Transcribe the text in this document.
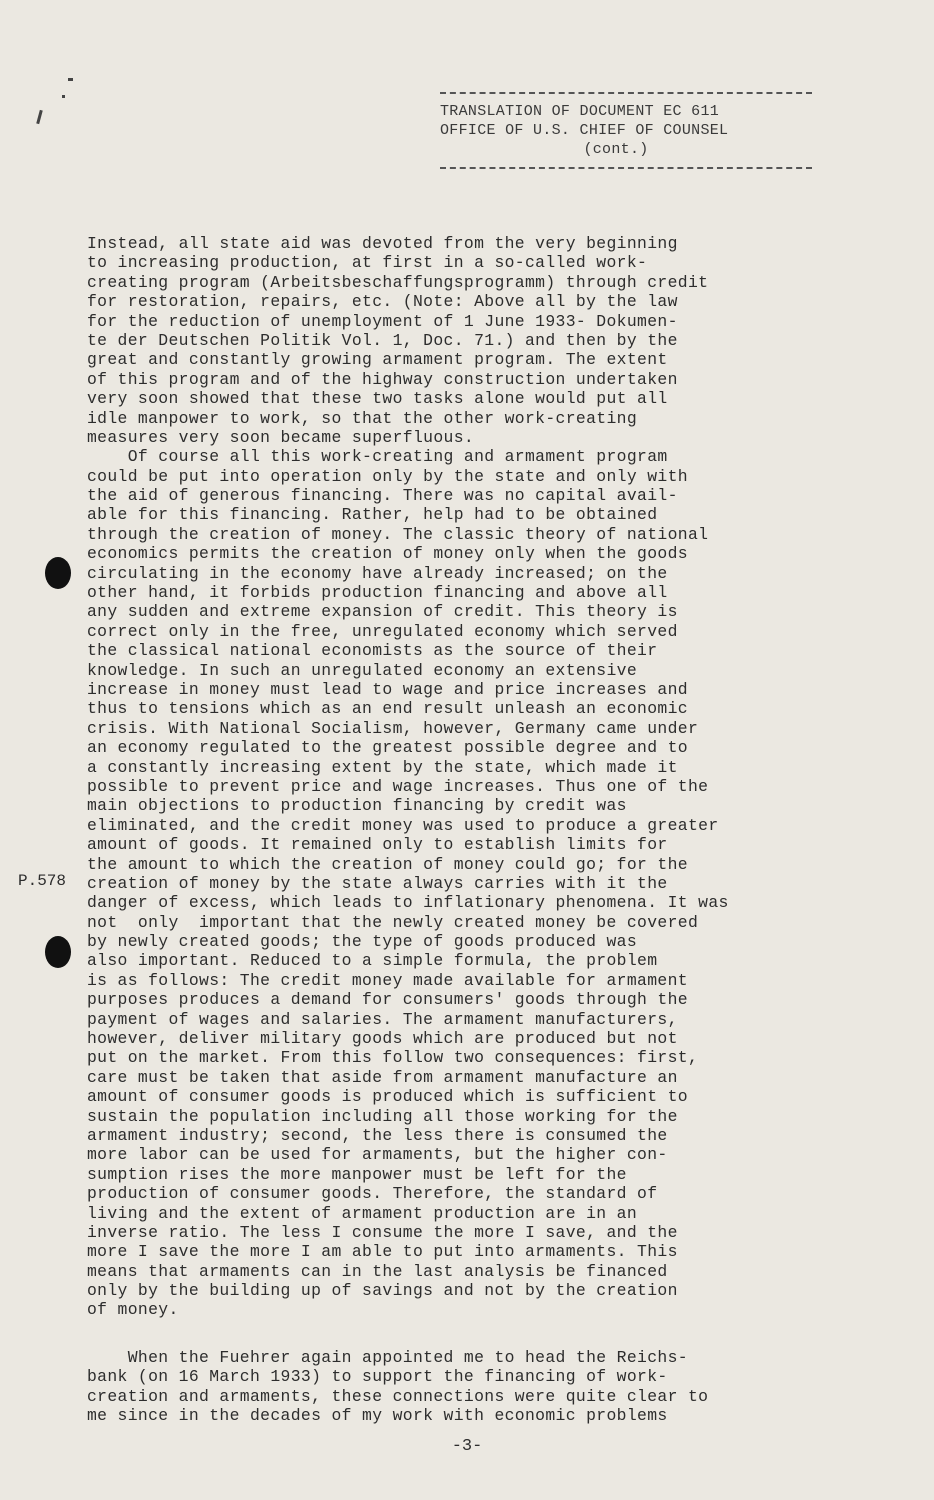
TRANSLATION OF DOCUMENT EC 611
OFFICE OF U.S. CHIEF OF COUNSEL
(cont.)
P.578
Instead, all state aid was devoted from the very beginning
to increasing production, at first in a so-called work-
creating program (Arbeitsbeschaffungsprogramm) through credit
for restoration, repairs, etc. (Note: Above all by the law
for the reduction of unemployment of 1 June 1933- Dokumen-
te der Deutschen Politik Vol. 1, Doc. 71.) and then by the
great and constantly growing armament program. The extent
of this program and of the highway construction undertaken
very soon showed that these two tasks alone would put all
idle manpower to work, so that the other work-creating
measures very soon became superfluous.
Of course all this work-creating and armament program
could be put into operation only by the state and only with
the aid of generous financing. There was no capital avail-
able for this financing. Rather, help had to be obtained
through the creation of money. The classic theory of national
economics permits the creation of money only when the goods
circulating in the economy have already increased; on the
other hand, it forbids production financing and above all
any sudden and extreme expansion of credit. This theory is
correct only in the free, unregulated economy which served
the classical national economists as the source of their
knowledge. In such an unregulated economy an extensive
increase in money must lead to wage and price increases and
thus to tensions which as an end result unleash an economic
crisis. With National Socialism, however, Germany came under
an economy regulated to the greatest possible degree and to
a constantly increasing extent by the state, which made it
possible to prevent price and wage increases. Thus one of the
main objections to production financing by credit was
eliminated, and the credit money was used to produce a greater
amount of goods. It remained only to establish limits for
the amount to which the creation of money could go; for the
creation of money by the state always carries with it the
danger of excess, which leads to inflationary phenomena. It was
not  only  important that the newly created money be covered
by newly created goods; the type of goods produced was
also important. Reduced to a simple formula, the problem
is as follows: The credit money made available for armament
purposes produces a demand for consumers' goods through the
payment of wages and salaries. The armament manufacturers,
however, deliver military goods which are produced but not
put on the market. From this follow two consequences: first,
care must be taken that aside from armament manufacture an
amount of consumer goods is produced which is sufficient to
sustain the population including all those working for the
armament industry; second, the less there is consumed the
more labor can be used for armaments, but the higher con-
sumption rises the more manpower must be left for the
production of consumer goods. Therefore, the standard of
living and the extent of armament production are in an
inverse ratio. The less I consume the more I save, and the
more I save the more I am able to put into armaments. This
means that armaments can in the last analysis be financed
only by the building up of savings and not by the creation
of money.
When the Fuehrer again appointed me to head the Reichs-
bank (on 16 March 1933) to support the financing of work-
creation and armaments, these connections were quite clear to
me since in the decades of my work with economic problems
-3-
